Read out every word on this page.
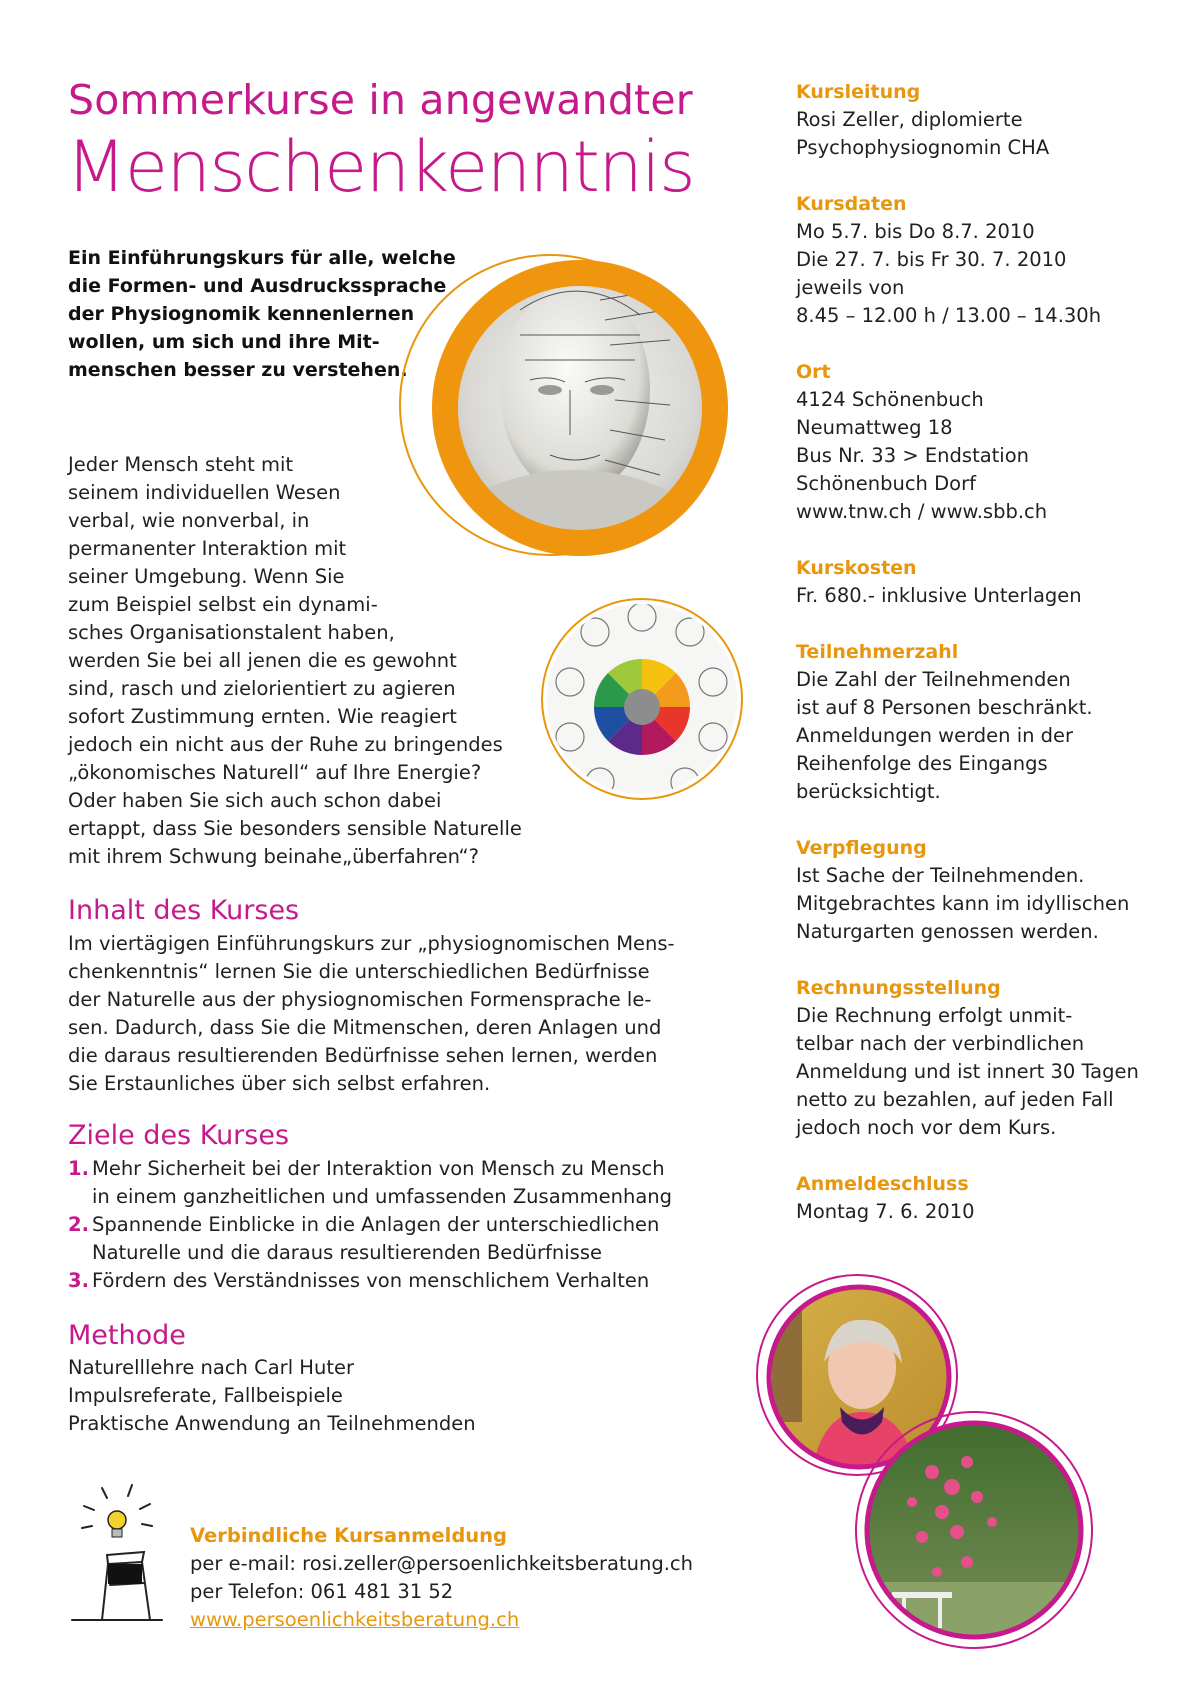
Sommerkurse in angewandter
Menschenkenntnis
Ein Einführungskurs für alle, welche
die Formen- und Ausdruckssprache
der Physiognomik kennenlernen
wollen, um sich und ihre Mit-
menschen besser zu verstehen.
Jeder Mensch steht mit
seinem individuellen Wesen
verbal, wie nonverbal, in
permanenter Interaktion mit
seiner Umgebung. Wenn Sie
zum Beispiel selbst ein dynami-
sches Organisationstalent haben,
werden Sie bei all jenen die es gewohnt
sind, rasch und zielorientiert zu agieren
sofort Zustimmung ernten. Wie reagiert
jedoch ein nicht aus der Ruhe zu bringendes
„ökonomisches Naturell“ auf Ihre Energie?
Oder haben Sie sich auch schon dabei
ertappt, dass Sie besonders sensible Naturelle
mit ihrem Schwung beinahe„überfahren“?
Inhalt des Kurses
Im viertägigen Einführungskurs zur „physiognomischen Mens-
chenkenntnis“ lernen Sie die unterschiedlichen Bedürfnisse
der Naturelle aus der physiognomischen Formensprache le-
sen. Dadurch, dass Sie die Mitmenschen, deren Anlagen und
die daraus resultierenden Bedürfnisse sehen lernen, werden
Sie Erstaunliches über sich selbst erfahren.
Ziele des Kurses
1. Mehr Sicherheit bei der Interaktion von Mensch zu Mensch
in einem ganzheitlichen und umfassenden Zusammenhang
2. Spannende Einblicke in die Anlagen der unterschiedlichen
Naturelle und die daraus resultierenden Bedürfnisse
3. Fördern des Verständnisses von menschlichem Verhalten
Methode
Naturelllehre nach Carl Huter
Impulsreferate, Fallbeispiele
Praktische Anwendung an Teilnehmenden
Kursleitung
Rosi Zeller, diplomierte
Psychophysiognomin CHA
Kursdaten
Mo 5.7. bis Do 8.7. 2010
Die 27. 7. bis Fr 30. 7. 2010
jeweils von
8.45 – 12.00 h / 13.00 – 14.30h
Ort
4124 Schönenbuch
Neumattweg 18
Bus Nr. 33 > Endstation
Schönenbuch Dorf
www.tnw.ch / www.sbb.ch
Kurskosten
Fr. 680.- inklusive Unterlagen
Teilnehmerzahl
Die Zahl der Teilnehmenden
ist auf 8 Personen beschränkt.
Anmeldungen werden in der
Reihenfolge des Eingangs
berücksichtigt.
Verpflegung
Ist Sache der Teilnehmenden.
Mitgebrachtes kann im idyllischen
Naturgarten genossen werden.
Rechnungsstellung
Die Rechnung erfolgt unmit-
telbar nach der verbindlichen
Anmeldung und ist innert 30 Tagen
netto zu bezahlen, auf jeden Fall
jedoch noch vor dem Kurs.
Anmeldeschluss
Montag 7. 6. 2010
Verbindliche Kursanmeldung
per e-mail: rosi.zeller@persoenlichkeitsberatung.ch
per Telefon: 061 481 31 52
www.persoenlichkeitsberatung.ch
